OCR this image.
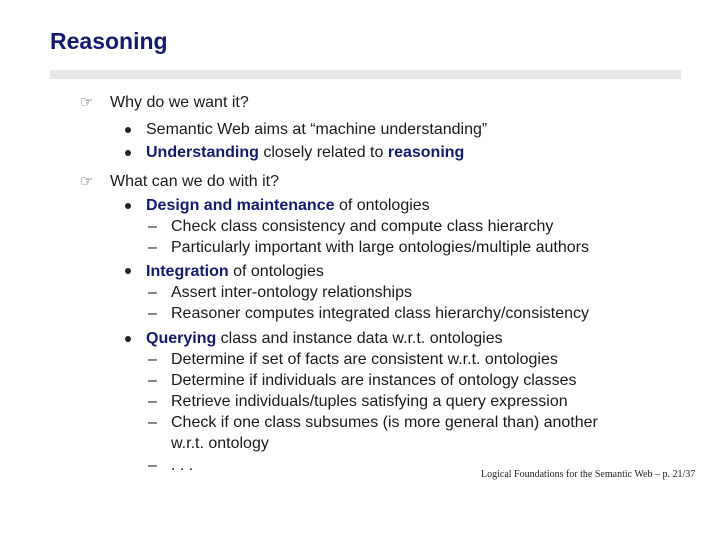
Reasoning
☞ Why do we want it?
Semantic Web aims at “machine understanding”
Understanding closely related to reasoning
☞ What can we do with it?
Design and maintenance of ontologies
– Check class consistency and compute class hierarchy
– Particularly important with large ontologies/multiple authors
Integration of ontologies
– Assert inter-ontology relationships
– Reasoner computes integrated class hierarchy/consistency
Querying class and instance data w.r.t. ontologies
– Determine if set of facts are consistent w.r.t. ontologies
– Determine if individuals are instances of ontology classes
– Retrieve individuals/tuples satisfying a query expression
– Check if one class subsumes (is more general than) another
w.r.t. ontology
– . . .
Logical Foundations for the Semantic Web – p. 21/37
